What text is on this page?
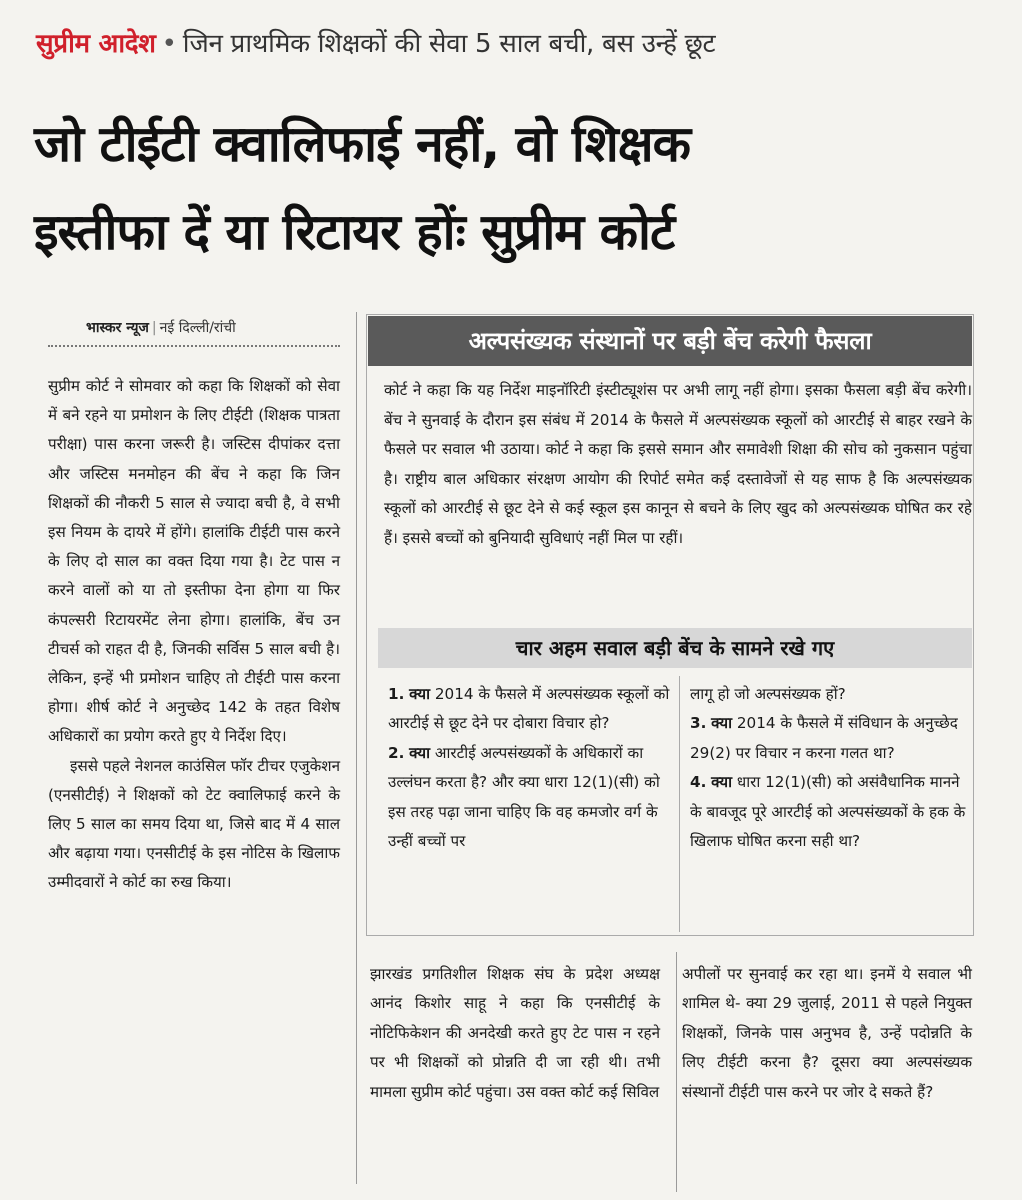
सुप्रीम आदेश • जिन प्राथमिक शिक्षकों की सेवा 5 साल बची, बस उन्हें छूट
जो टीईटी क्वालिफाई नहीं, वो शिक्षक
इस्तीफा दें या रिटायर होंः सुप्रीम कोर्ट
भास्कर न्यूज | नई दिल्ली/रांची

सुप्रीम कोर्ट ने सोमवार को कहा कि शिक्षकों को सेवा में बने रहने या प्रमोशन के लिए टीईटी (शिक्षक पात्रता परीक्षा) पास करना जरूरी है। जस्टिस दीपांकर दत्ता और जस्टिस मनमोहन की बेंच ने कहा कि जिन शिक्षकों की नौकरी 5 साल से ज्यादा बची है, वे सभी इस नियम के दायरे में होंगे। हालांकि टीईटी पास करने के लिए दो साल का वक्त दिया गया है। टेट पास न करने वालों को या तो इस्तीफा देना होगा या फिर कंपल्सरी रिटायरमेंट लेना होगा। हालांकि, बेंच उन टीचर्स को राहत दी है, जिनकी सर्विस 5 साल बची है। लेकिन, इन्हें भी प्रमोशन चाहिए तो टीईटी पास करना होगा। शीर्ष कोर्ट ने अनुच्छेद 142 के तहत विशेष अधिकारों का प्रयोग करते हुए ये निर्देश दिए।

इससे पहले नेशनल काउंसिल फॉर टीचर एजुकेशन (एनसीटीई) ने शिक्षकों को टेट क्वालिफाई करने के लिए 5 साल का समय दिया था, जिसे बाद में 4 साल और बढ़ाया गया। एनसीटीई के इस नोटिस के खिलाफ उम्मीदवारों ने कोर्ट का रुख किया।

अल्पसंख्यक संस्थानों पर बड़ी बेंच करेगी फैसला
कोर्ट ने कहा कि यह निर्देश माइनॉरिटी इंस्टीट्यूशंस पर अभी लागू नहीं होगा। इसका फैसला बड़ी बेंच करेगी। बेंच ने सुनवाई के दौरान इस संबंध में 2014 के फैसले में अल्पसंख्यक स्कूलों को आरटीई से बाहर रखने के फैसले पर सवाल भी उठाया। कोर्ट ने कहा कि इससे समान और समावेशी शिक्षा की सोच को नुकसान पहुंचा है। राष्ट्रीय बाल अधिकार संरक्षण आयोग की रिपोर्ट समेत कई दस्तावेजों से यह साफ है कि अल्पसंख्यक स्कूलों को आरटीई से छूट देने से कई स्कूल इस कानून से बचने के लिए खुद को अल्पसंख्यक घोषित कर रहे हैं। इससे बच्चों को बुनियादी सुविधाएं नहीं मिल पा रहीं।
चार अहम सवाल बड़ी बेंच के सामने रखे गए

1. क्या 2014 के फैसले में अल्पसंख्यक स्कूलों को आरटीई से छूट देने पर दोबारा विचार हो?

2. क्या आरटीई अल्पसंख्यकों के अधिकारों का उल्लंघन करता है? और क्या धारा 12(1)(सी) को इस तरह पढ़ा जाना चाहिए कि वह कमजोर वर्ग के उन्हीं बच्चों पर

लागू हो जो अल्पसंख्यक हों?

3. क्या 2014 के फैसले में संविधान के अनुच्छेद 29(2) पर विचार न करना गलत था?

4. क्या धारा 12(1)(सी) को असंवैधानिक मानने के बावजूद पूरे आरटीई को अल्पसंख्यकों के हक के खिलाफ घोषित करना सही था?

झारखंड प्रगतिशील शिक्षक संघ के प्रदेश अध्यक्ष आनंद किशोर साहू ने कहा कि एनसीटीई के नोटिफिकेशन की अनदेखी करते हुए टेट पास न रहने पर भी शिक्षकों को प्रोन्नति दी जा रही थी। तभी मामला सुप्रीम कोर्ट पहुंचा। उस वक्त कोर्ट कई सिविल
अपीलों पर सुनवाई कर रहा था। इनमें ये सवाल भी शामिल थे- क्या 29 जुलाई, 2011 से पहले नियुक्त शिक्षकों, जिनके पास अनुभव है, उन्हें पदोन्नति के लिए टीईटी करना है? दूसरा क्या अल्पसंख्यक संस्थानों टीईटी पास करने पर जोर दे सकते हैं?
